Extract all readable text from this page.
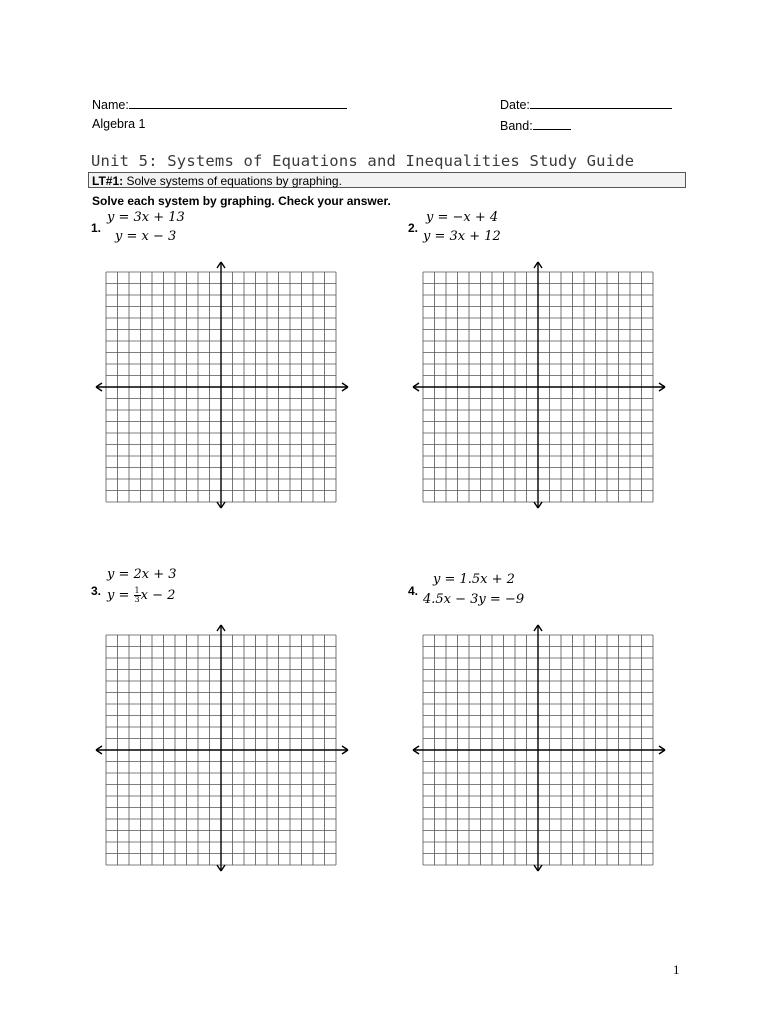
Name:	Date:
Algebra 1	Band:
Unit 5: Systems of Equations and Inequalities Study Guide
LT#1: Solve systems of equations by graphing.
Solve each system by graphing. Check your answer.
1.
y = 3x + 13
y = x − 3
2.
y = −x + 4
y = 3x + 12
3.
y = 2x + 3
$y = \frac{1}{3}$ x − 2	4.
y = 1.5x + 2
4.5x − 3y = −9
1
